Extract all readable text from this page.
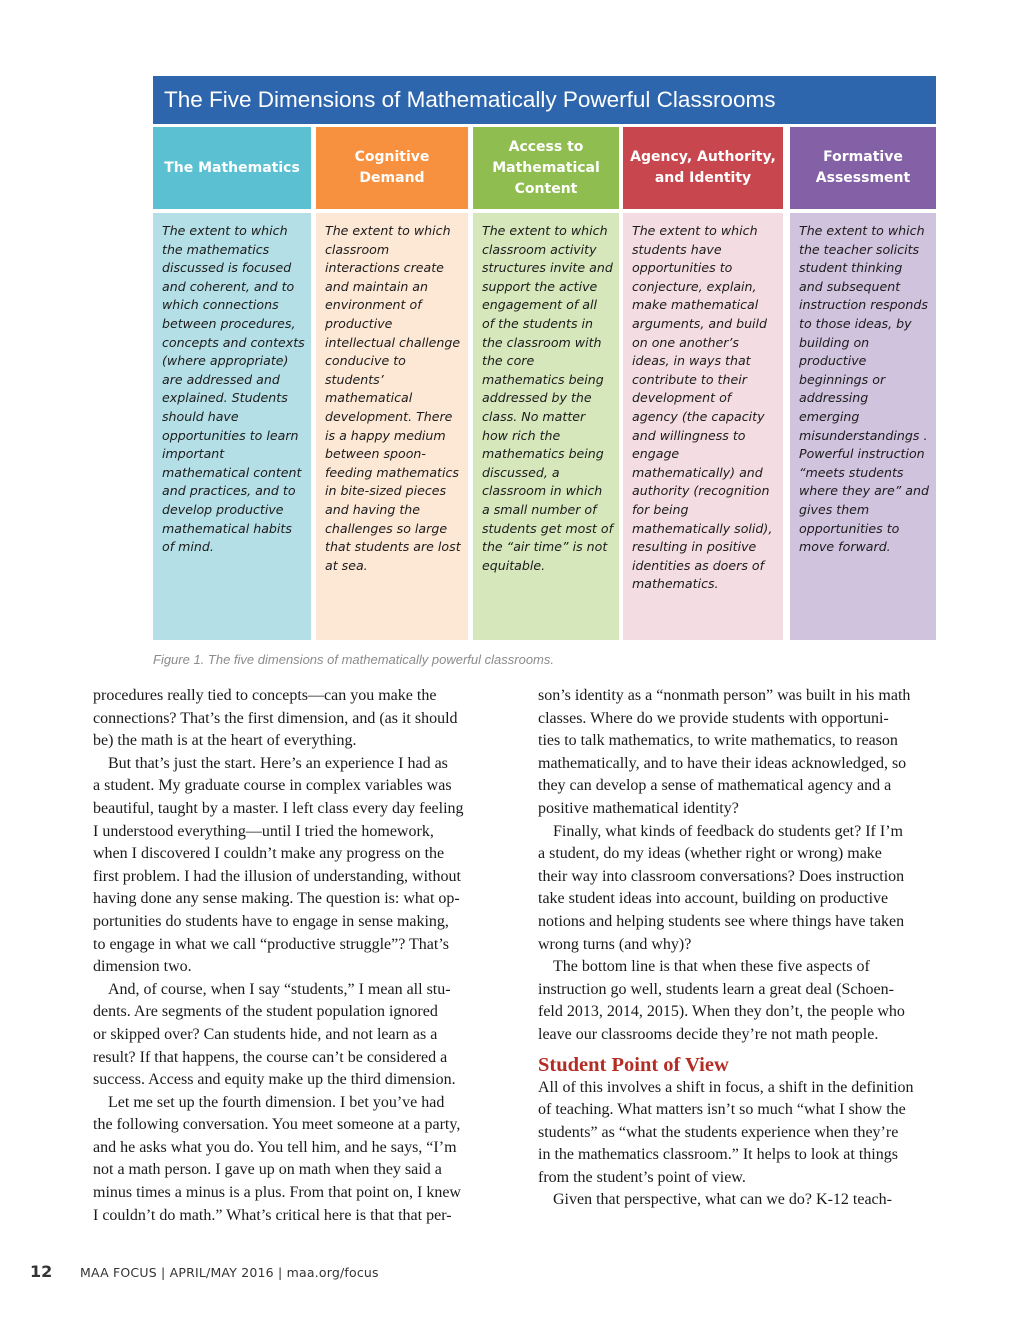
The Five Dimensions of Mathematically Powerful Classrooms
The Mathematics
The extent to which
the mathematics
discussed is focused
and coherent, and to
which connections
between procedures,
concepts and contexts
(where appropriate)
are addressed and
explained. Students
should have
opportunities to learn
important
mathematical content
and practices, and to
develop productive
mathematical habits
of mind.
Cognitive Demand
The extent to which
classroom
interactions create
and maintain an
environment of
productive
intellectual challenge
conducive to
students’
mathematical
development. There
is a happy medium
between spoon-
feeding mathematics
in bite-sized pieces
and having the
challenges so large
that students are lost
at sea.
Access to Mathematical Content
The extent to which
classroom activity
structures invite and
support the active
engagement of all
of the students in
the classroom with
the core
mathematics being
addressed by the
class. No matter
how rich the
mathematics being
discussed, a
classroom in which
a small number of
students get most of
the “air time” is not
equitable.
Agency, Authority, and Identity
The extent to which
students have
opportunities to
conjecture, explain,
make mathematical
arguments, and build
on one another’s
ideas, in ways that
contribute to their
development of
agency (the capacity
and willingness to
engage
mathematically) and
authority (recognition
for being
mathematically solid),
resulting in positive
identities as doers of
mathematics.
Formative Assessment
The extent to which
the teacher solicits
student thinking
and subsequent
instruction responds
to those ideas, by
building on
productive
beginnings or
addressing
emerging
misunderstandings .
Powerful instruction
“meets students
where they are” and
gives them
opportunities to
move forward.
Figure 1. The five dimensions of mathematically powerful classrooms.

procedures really tied to concepts—can you make the
connections? That’s the first dimension, and (as it should
be) the math is at the heart of everything.

But that’s just the start. Here’s an experience I had as
a student. My graduate course in complex variables was
beautiful, taught by a master. I left class every day feeling
I understood everything—until I tried the homework,
when I discovered I couldn’t make any progress on the
first problem. I had the illusion of understanding, without
having done any sense making. The question is: what op-
portunities do students have to engage in sense making,
to engage in what we call “productive struggle”? That’s
dimension two.

And, of course, when I say “students,” I mean all stu-
dents. Are segments of the student population ignored
or skipped over? Can students hide, and not learn as a
result? If that happens, the course can’t be considered a
success. Access and equity make up the third dimension.

Let me set up the fourth dimension. I bet you’ve had
the following conversation. You meet someone at a party,
and he asks what you do. You tell him, and he says, “I’m
not a math person. I gave up on math when they said a
minus times a minus is a plus. From that point on, I knew
I couldn’t do math.” What’s critical here is that that per-

son’s identity as a “nonmath person” was built in his math
classes. Where do we provide students with opportuni-
ties to talk mathematics, to write mathematics, to reason
mathematically, and to have their ideas acknowledged, so
they can develop a sense of mathematical agency and a
positive mathematical identity?

Finally, what kinds of feedback do students get? If I’m
a student, do my ideas (whether right or wrong) make
their way into classroom conversations? Does instruction
take student ideas into account, building on productive
notions and helping students see where things have taken
wrong turns (and why)?

The bottom line is that when these five aspects of
instruction go well, students learn a great deal (Schoen-
feld 2013, 2014, 2015). When they don’t, the people who
leave our classrooms decide they’re not math people.

Student Point of View

All of this involves a shift in focus, a shift in the definition
of teaching. What matters isn’t so much “what I show the
students” as “what the students experience when they’re
in the mathematics classroom.” It helps to look at things
from the student’s point of view.

Given that perspective, what can we do? K-12 teach-

12 MAA FOCUS | APRIL/MAY 2016 | maa.org/focus
